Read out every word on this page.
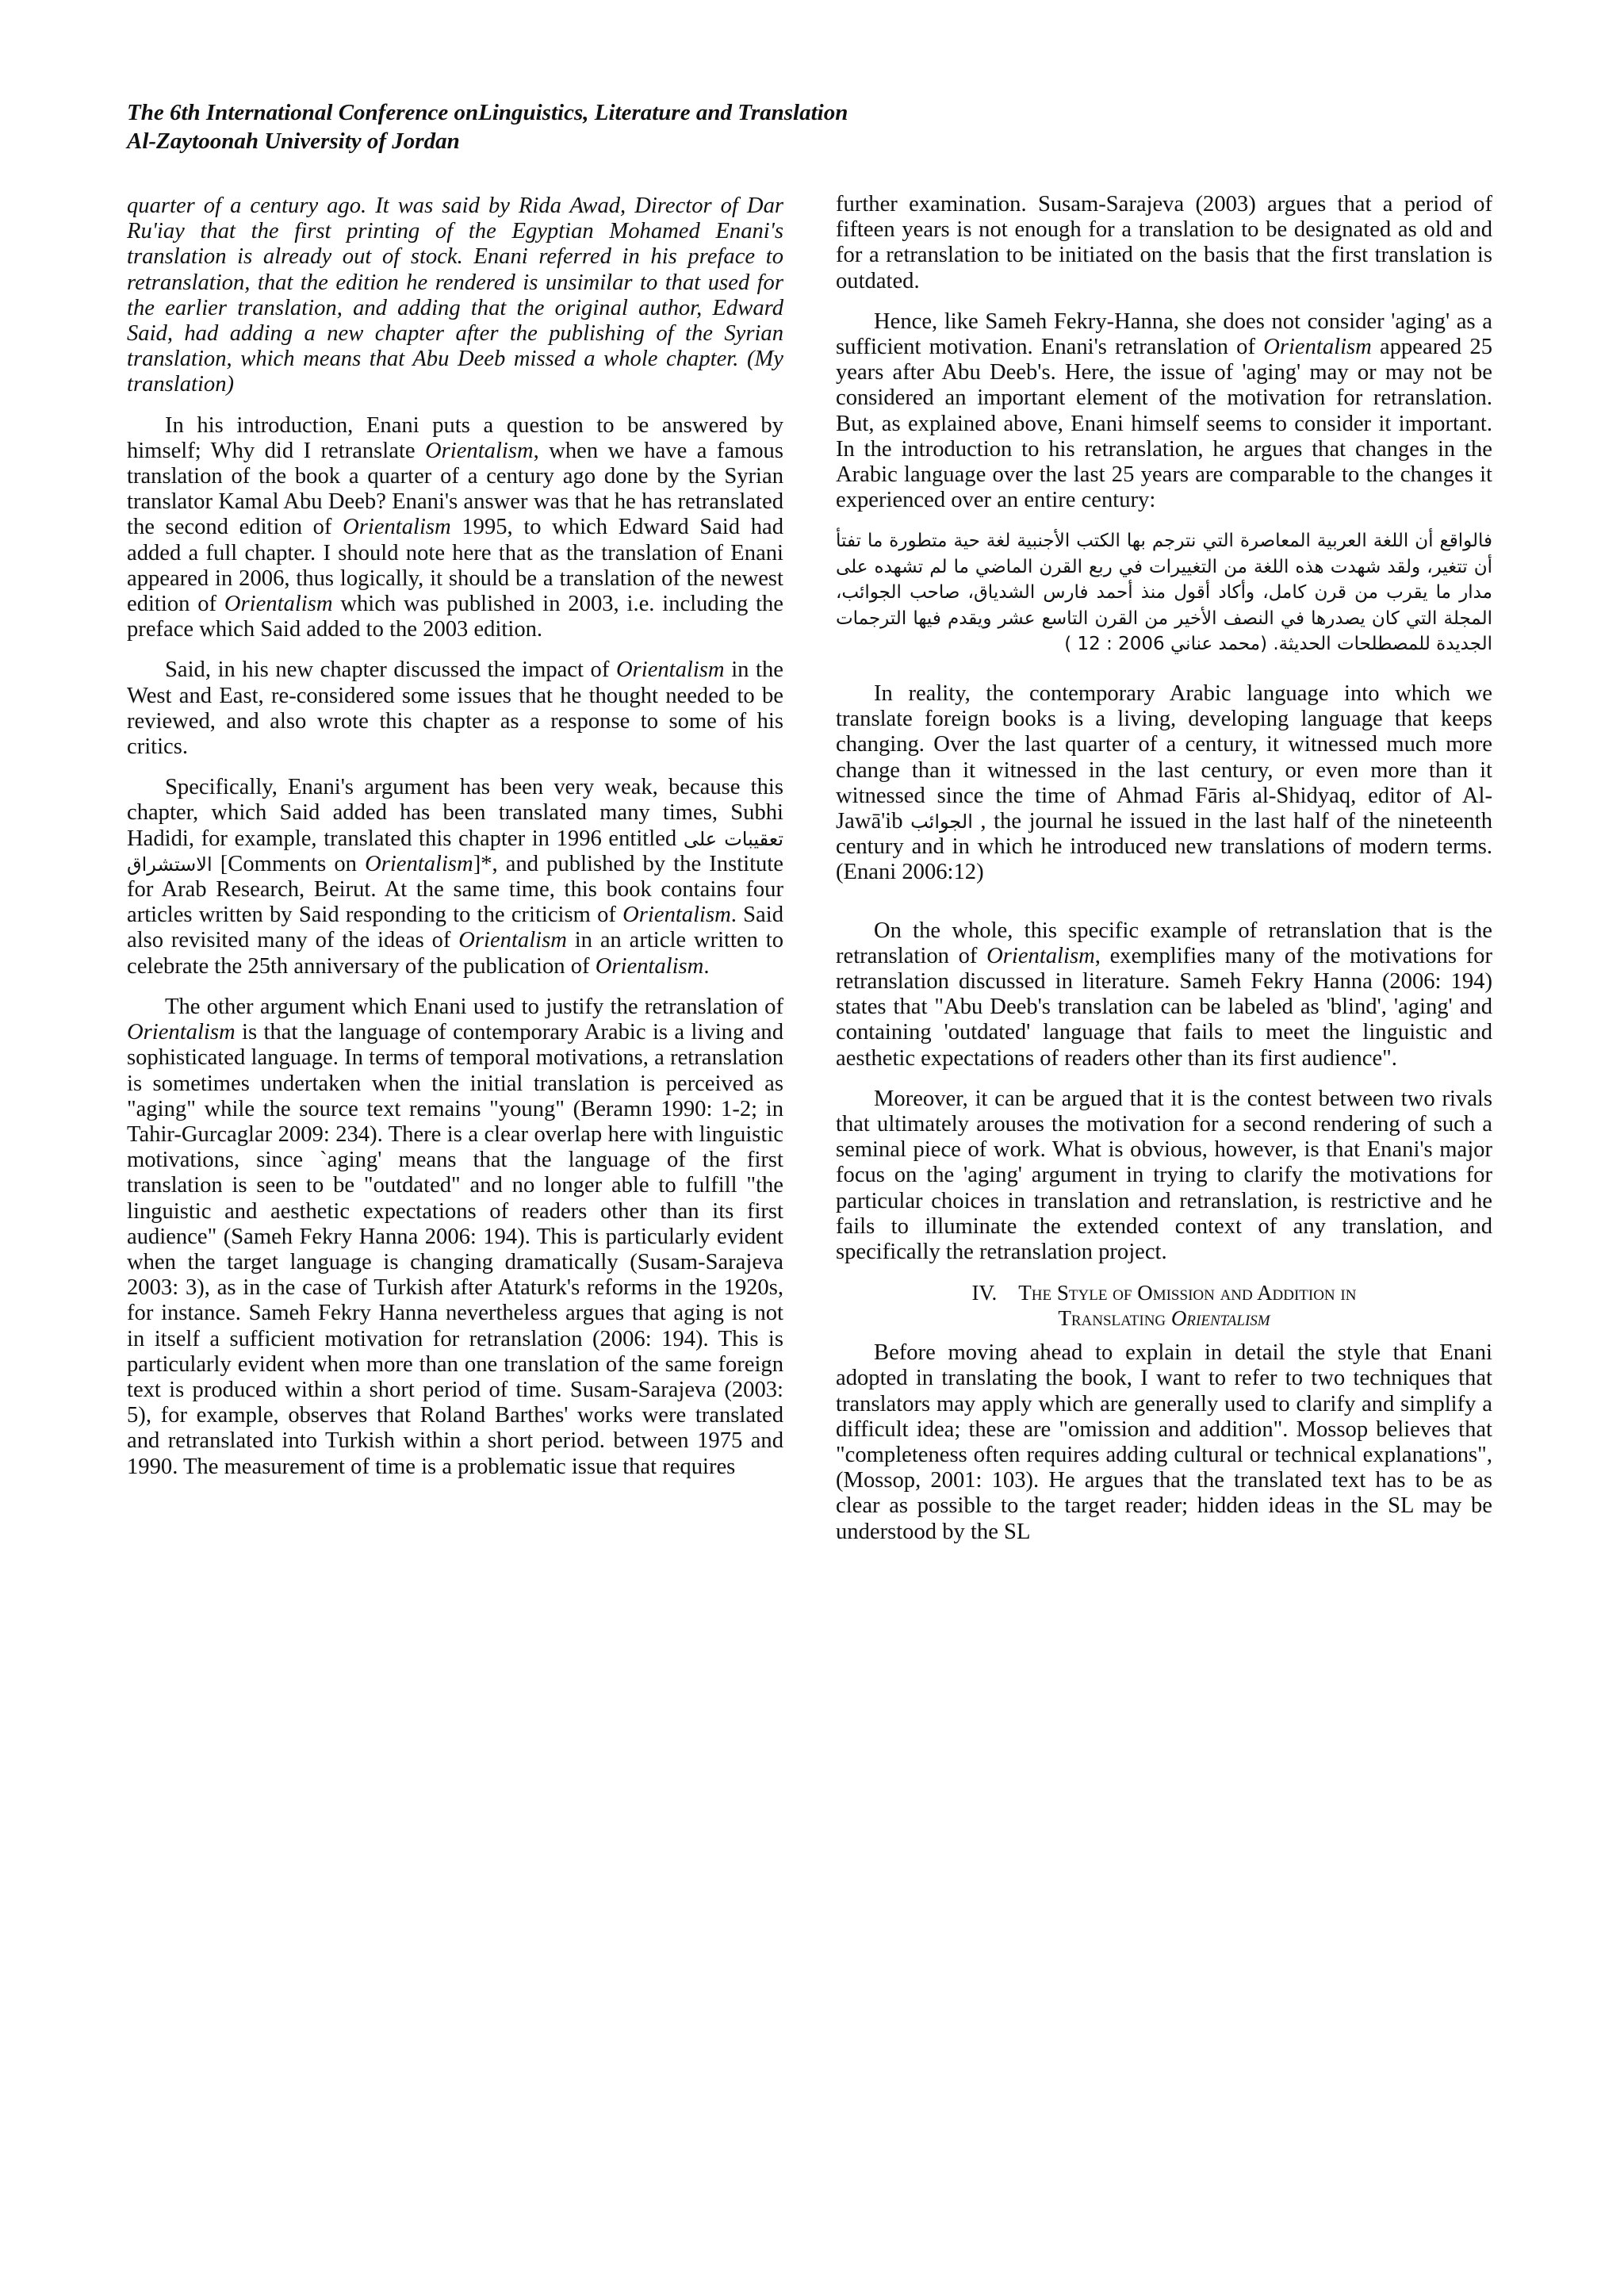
The 6th International Conference onLinguistics, Literature and Translation
Al-Zaytoonah University of Jordan

quarter of a century ago. It was said by Rida Awad, Director of Dar Ru'iay that the first printing of the Egyptian Mohamed Enani's translation is already out of stock. Enani referred in his preface to retranslation, that the edition he rendered is unsimilar to that used for the earlier translation, and adding that the original author, Edward Said, had adding a new chapter after the publishing of the Syrian translation, which means that Abu Deeb missed a whole chapter. (My translation)

In his introduction, Enani puts a question to be answered by himself; Why did I retranslate Orientalism, when we have a famous translation of the book a quarter of a century ago done by the Syrian translator Kamal Abu Deeb? Enani's answer was that he has retranslated the second edition of Orientalism 1995, to which Edward Said had added a full chapter. I should note here that as the translation of Enani appeared in 2006, thus logically, it should be a translation of the newest edition of Orientalism which was published in 2003, i.e. including the preface which Said added to the 2003 edition.

Said, in his new chapter discussed the impact of Orientalism in the West and East, re-considered some issues that he thought needed to be reviewed, and also wrote this chapter as a response to some of his critics.

Specifically, Enani's argument has been very weak, because this chapter, which Said added has been translated many times, Subhi Hadidi, for example, translated this chapter in 1996 entitled تعقيبات على الاستشراق [Comments on Orientalism]*, and published by the Institute for Arab Research, Beirut. At the same time, this book contains four articles written by Said responding to the criticism of Orientalism. Said also revisited many of the ideas of Orientalism in an article written to celebrate the 25th anniversary of the publication of Orientalism.

The other argument which Enani used to justify the retranslation of Orientalism is that the language of contemporary Arabic is a living and sophisticated language. In terms of temporal motivations, a retranslation is sometimes undertaken when the initial translation is perceived as "aging" while the source text remains "young" (Beramn 1990: 1-2; in Tahir-Gurcaglar 2009: 234). There is a clear overlap here with linguistic motivations, since `aging' means that the language of the first translation is seen to be "outdated" and no longer able to fulfill "the linguistic and aesthetic expectations of readers other than its first audience" (Sameh Fekry Hanna 2006: 194). This is particularly evident when the target language is changing dramatically (Susam-Sarajeva 2003: 3), as in the case of Turkish after Ataturk's reforms in the 1920s, for instance. Sameh Fekry Hanna nevertheless argues that aging is not in itself a sufficient motivation for retranslation (2006: 194). This is particularly evident when more than one translation of the same foreign text is produced within a short period of time. Susam-Sarajeva (2003: 5), for example, observes that Roland Barthes' works were translated and retranslated into Turkish within a short period. between 1975 and 1990. The measurement of time is a problematic issue that requires

further examination. Susam-Sarajeva (2003) argues that a period of fifteen years is not enough for a translation to be designated as old and for a retranslation to be initiated on the basis that the first translation is outdated.

Hence, like Sameh Fekry-Hanna, she does not consider 'aging' as a sufficient motivation. Enani's retranslation of Orientalism appeared 25 years after Abu Deeb's. Here, the issue of 'aging' may or may not be considered an important element of the motivation for retranslation. But, as explained above, Enani himself seems to consider it important. In the introduction to his retranslation, he argues that changes in the Arabic language over the last 25 years are comparable to the changes it experienced over an entire century:

فالواقع أن اللغة العربية المعاصرة التي نترجم بها الكتب الأجنبية لغة حية متطورة ما تفتأ أن تتغير، ولقد شهدت هذه اللغة من التغييرات في ربع القرن الماضي ما لم تشهده على مدار ما يقرب من قرن كامل، وأكاد أقول منذ أحمد فارس الشدياق، صاحب الجوائب، المجلة التي كان يصدرها في النصف الأخير من القرن التاسع عشر ويقدم فيها الترجمات الجديدة للمصطلحات الحديثة. (محمد عناني 2006 : 12 )

In reality, the contemporary Arabic language into which we translate foreign books is a living, developing language that keeps changing. Over the last quarter of a century, it witnessed much more change than it witnessed in the last century, or even more than it witnessed since the time of Ahmad Fāris al-Shidyaq, editor of Al-Jawā'ib الجوائب , the journal he issued in the last half of the nineteenth century and in which he introduced new translations of modern terms. (Enani 2006:12)

On the whole, this specific example of retranslation that is the retranslation of Orientalism, exemplifies many of the motivations for retranslation discussed in literature. Sameh Fekry Hanna (2006: 194) states that "Abu Deeb's translation can be labeled as 'blind', 'aging' and containing 'outdated' language that fails to meet the linguistic and aesthetic expectations of readers other than its first audience".

Moreover, it can be argued that it is the contest between two rivals that ultimately arouses the motivation for a second rendering of such a seminal piece of work. What is obvious, however, is that Enani's major focus on the 'aging' argument in trying to clarify the motivations for particular choices in translation and retranslation, is restrictive and he fails to illuminate the extended context of any translation, and specifically the retranslation project.

IV. The Style of Omission and Addition in
Translating Orientalism

Before moving ahead to explain in detail the style that Enani adopted in translating the book, I want to refer to two techniques that translators may apply which are generally used to clarify and simplify a difficult idea; these are "omission and addition". Mossop believes that "completeness often requires adding cultural or technical explanations", (Mossop, 2001: 103). He argues that the translated text has to be as clear as possible to the target reader; hidden ideas in the SL may be understood by the SL
